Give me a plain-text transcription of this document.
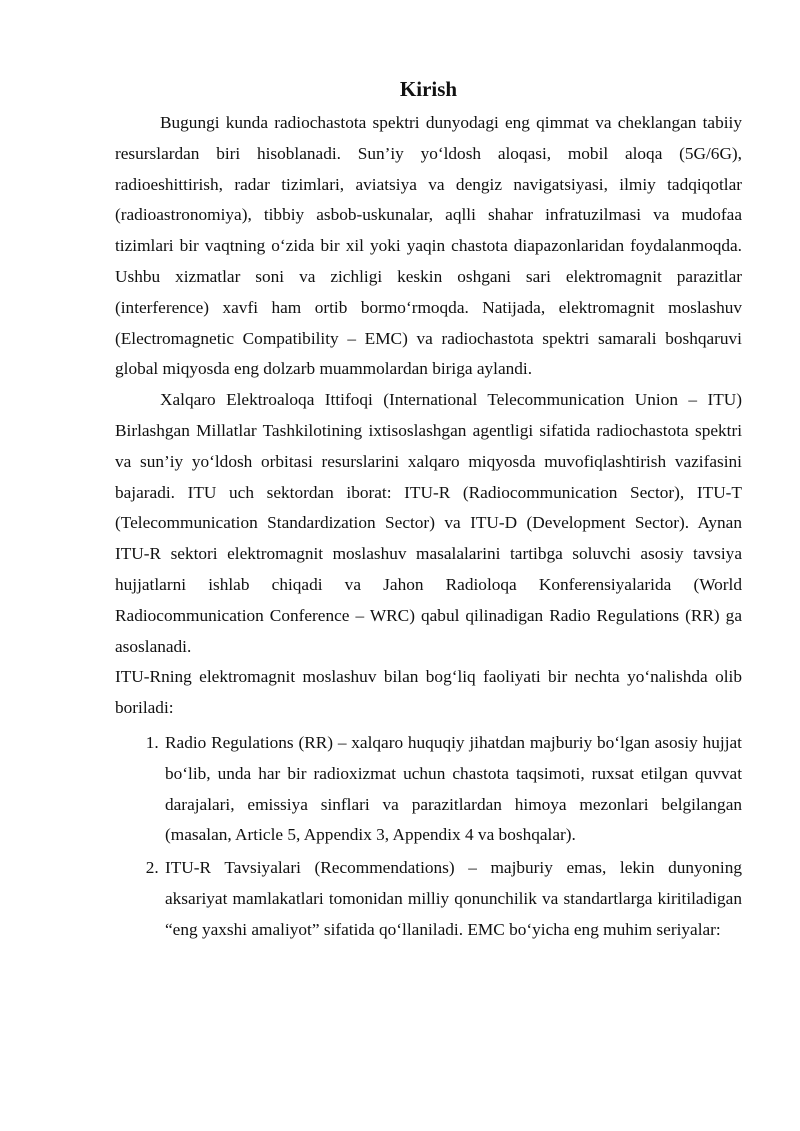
Kirish

Bugungi kunda radiochastota spektri dunyodagi eng qimmat va cheklangan tabiiy resurslardan biri hisoblanadi. Sun’iy yo‘ldosh aloqasi, mobil aloqa (5G/6G), radioeshittirish, radar tizimlari, aviatsiya va dengiz navigatsiyasi, ilmiy tadqiqotlar (radioastronomiya), tibbiy asbob-uskunalar, aqlli shahar infratuzilmasi va mudofaa tizimlari bir vaqtning o‘zida bir xil yoki yaqin chastota diapazonlaridan foydalanmoqda. Ushbu xizmatlar soni va zichligi keskin oshgani sari elektromagnit parazitlar (interference) xavfi ham ortib bormo‘rmoqda. Natijada, elektromagnit moslashuv (Electromagnetic Compatibility – EMC) va radiochastota spektri samarali boshqaruvi global miqyosda eng dolzarb muammolardan biriga aylandi.

Xalqaro Elektroaloqa Ittifoqi (International Telecommunication Union – ITU) Birlashgan Millatlar Tashkilotining ixtisoslashgan agentligi sifatida radiochastota spektri va sun’iy yo‘ldosh orbitasi resurslarini xalqaro miqyosda muvofiqlashtirish vazifasini bajaradi. ITU uch sektordan iborat: ITU-R (Radiocommunication Sector), ITU-T (Telecommunication Standardization Sector) va ITU-D (Development Sector). Aynan ITU-R sektori elektromagnit moslashuv masalalarini tartibga soluvchi asosiy tavsiya hujjatlarni ishlab chiqadi va Jahon Radioloqa Konferensiyalarida (World Radiocommunication Conference – WRC) qabul qilinadigan Radio Regulations (RR) ga asoslanadi.

ITU-Rning elektromagnit moslashuv bilan bog‘liq faoliyati bir nechta yo‘nalishda olib boriladi:

1. Radio Regulations (RR) – xalqaro huquqiy jihatdan majburiy bo‘lgan asosiy hujjat bo‘lib, unda har bir radioxizmat uchun chastota taqsimoti, ruxsat etilgan quvvat darajalari, emissiya sinflari va parazitlardan himoya mezonlari belgilangan (masalan, Article 5, Appendix 3, Appendix 4 va boshqalar).
2. ITU-R Tavsiyalari (Recommendations) – majburiy emas, lekin dunyoning aksariyat mamlakatlari tomonidan milliy qonunchilik va standartlarga kiritiladigan “eng yaxshi amaliyot” sifatida qo‘llaniladi. EMC bo‘yicha eng muhim seriyalar:
